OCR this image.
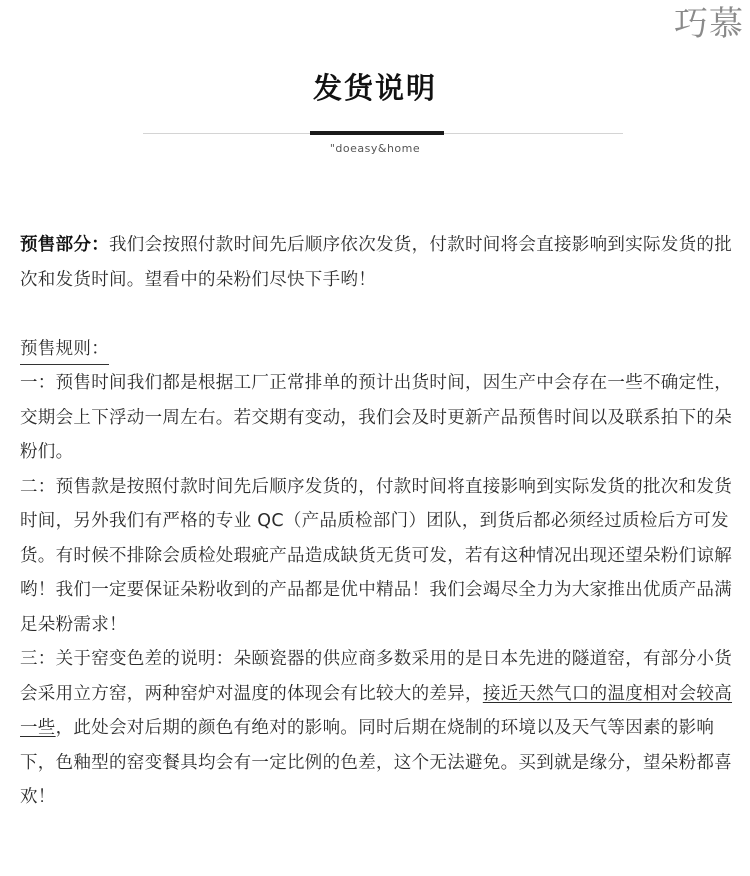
巧慕
发货说明
"doeasy&home

预售部分：我们会按照付款时间先后顺序依次发货，付款时间将会直接影响到实际发货的批次和发货时间。望看中的朵粉们尽快下手哟！

预售规则：

一：预售时间我们都是根据工厂正常排单的预计出货时间，因生产中会存在一些不确定性，交期会上下浮动一周左右。若交期有变动，我们会及时更新产品预售时间以及联系拍下的朵粉们。

二：预售款是按照付款时间先后顺序发货的，付款时间将直接影响到实际发货的批次和发货时间，另外我们有严格的专业 QC（产品质检部门）团队，到货后都必须经过质检后方可发货。有时候不排除会质检处瑕疵产品造成缺货无货可发，若有这种情况出现还望朵粉们谅解哟！我们一定要保证朵粉收到的产品都是优中精品！我们会竭尽全力为大家推出优质产品满足朵粉需求！

三：关于窑变色差的说明：朵颐瓷器的供应商多数采用的是日本先进的隧道窑，有部分小货会采用立方窑，两种窑炉对温度的体现会有比较大的差异，接近天然气口的温度相对会较高一些，此处会对后期的颜色有绝对的影响。同时后期在烧制的环境以及天气等因素的影响下，色釉型的窑变餐具均会有一定比例的色差，这个无法避免。买到就是缘分，望朵粉都喜欢！
